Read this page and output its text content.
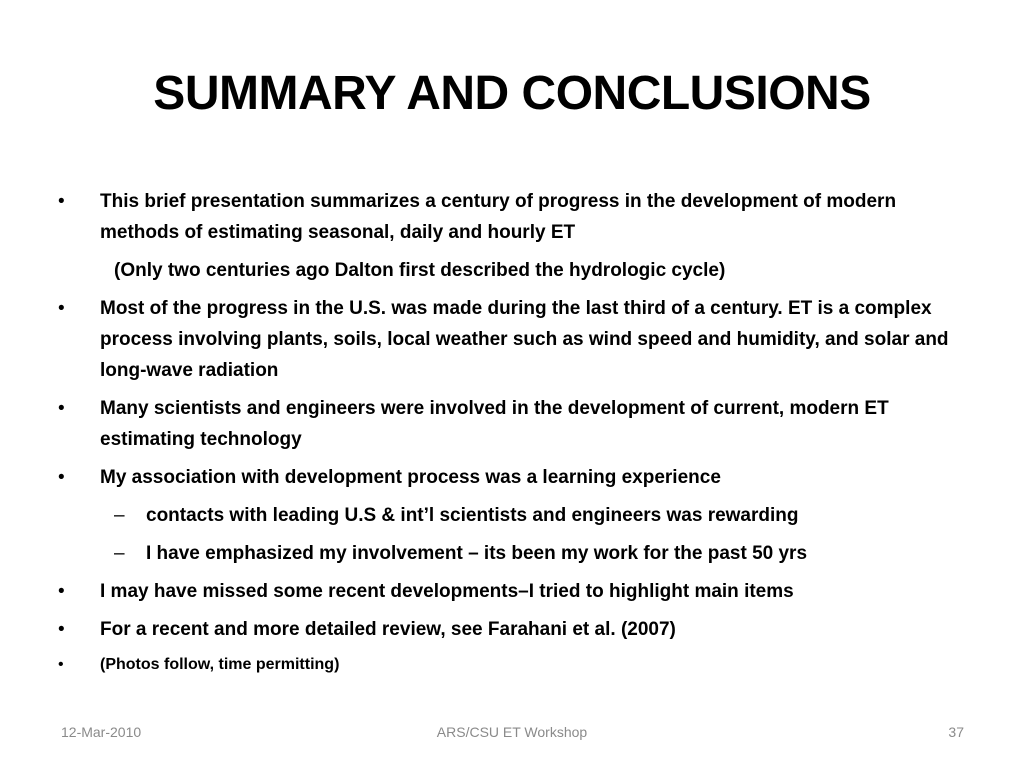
SUMMARY AND CONCLUSIONS
• This brief presentation summarizes a century of progress in the development of modern methods of estimating seasonal, daily and hourly ET
(Only two centuries ago Dalton first described the hydrologic cycle)
• Most of the progress in the U.S. was made during the last third of a century. ET is a complex process involving plants, soils, local weather such as wind speed and humidity, and solar and long-wave radiation
• Many scientists and engineers were involved in the development of current, modern ET estimating technology
• My association with development process was a learning experience
– contacts with leading U.S & int’l scientists and engineers was rewarding
– I have emphasized my involvement – its been my work for the past 50 yrs
• I may have missed some recent developments–I tried to highlight main items
• For a recent and more detailed review, see Farahani et al. (2007)
• (Photos follow, time permitting)
12-Mar-2010	ARS/CSU ET Workshop	37
